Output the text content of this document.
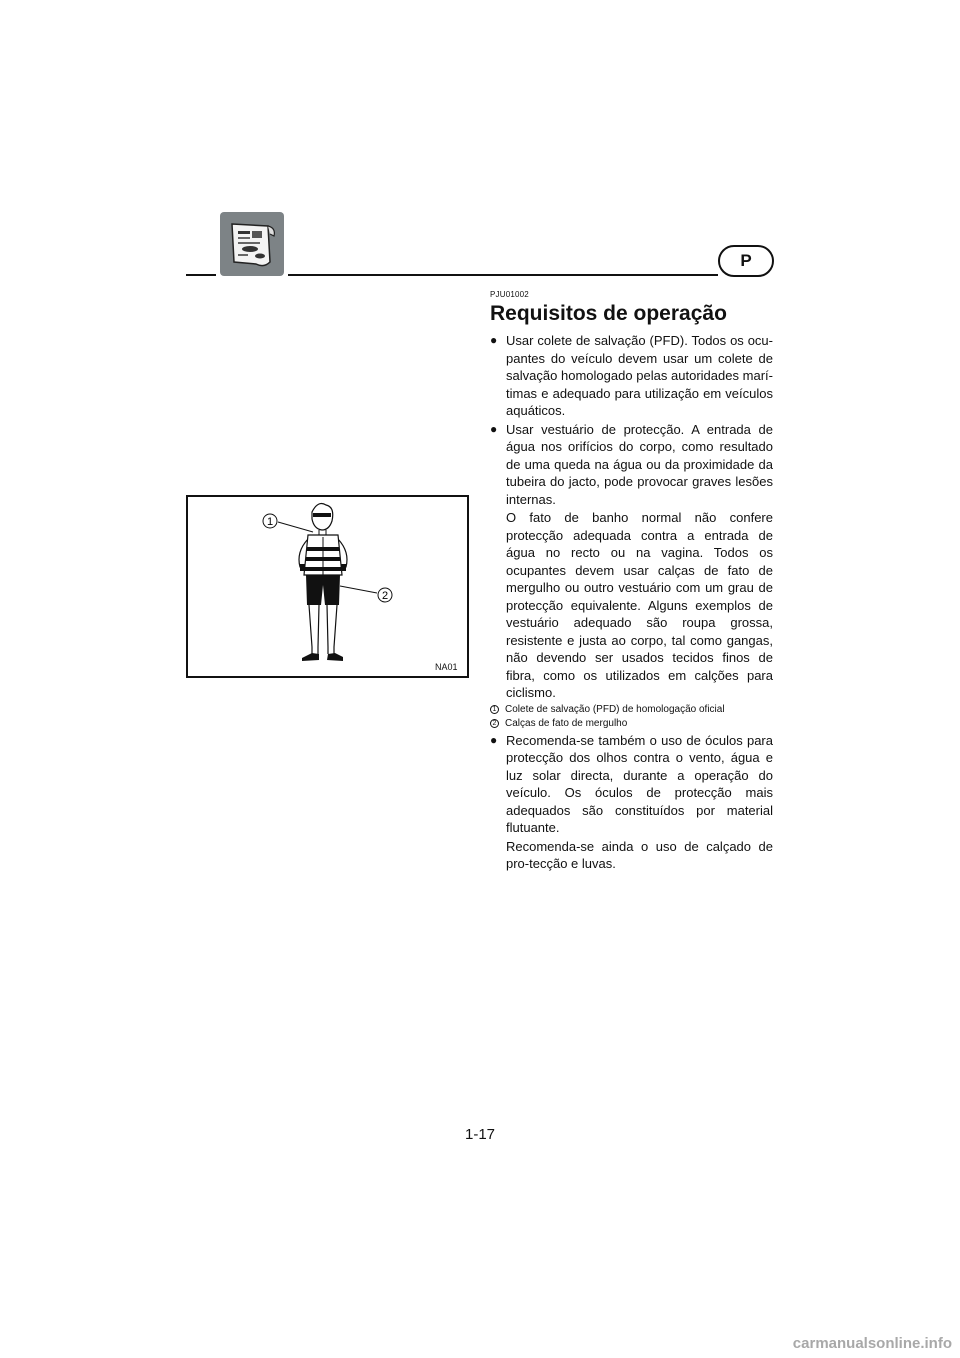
P
1
2
NA01

PJU01002

Requisitos de operação
● Usar colete de salvação (PFD). Todos os ocu-pantes do veículo devem usar um colete de salvação homologado pelas autoridades marí-timas e adequado para utilização em veículos aquáticos.
● Usar vestuário de protecção. A entrada de água nos orifícios do corpo, como resultado de uma queda na água ou da proximidade da tubeira do jacto, pode provocar graves lesões internas.

O fato de banho normal não confere protecção adequada contra a entrada de água no recto ou na vagina. Todos os ocupantes devem usar calças de fato de mergulho ou outro vestuário com um grau de protecção equivalente. Alguns exemplos de vestuário adequado são roupa grossa, resistente e justa ao corpo, tal como gangas, não devendo ser usados tecidos finos de fibra, como os utilizados em calções para ciclismo.

1 Colete de salvação (PFD) de homologação oficial
2 Calças de fato de mergulho
● Recomenda-se também o uso de óculos para protecção dos olhos contra o vento, água e luz solar directa, durante a operação do veículo. Os óculos de protecção mais adequados são constituídos por material flutuante.

Recomenda-se ainda o uso de calçado de pro-tecção e luvas.

1-17
carmanualsonline.info
